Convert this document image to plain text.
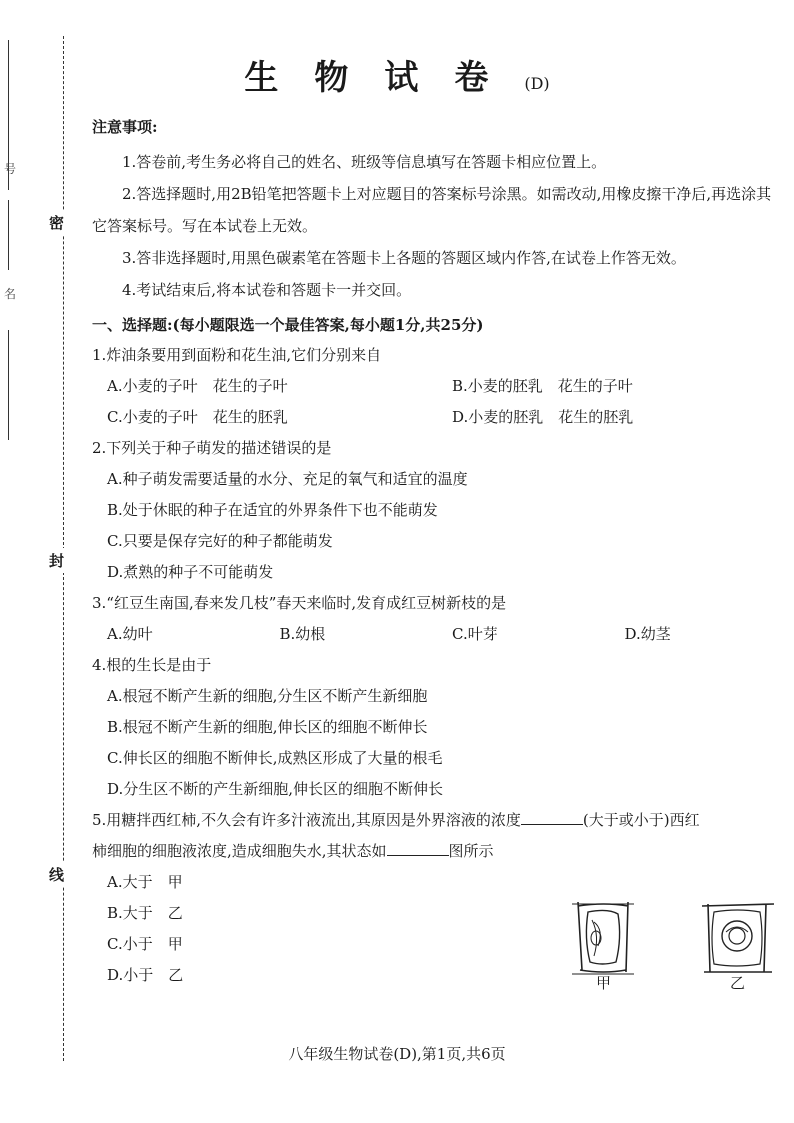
号
名
密
封
线
生物试卷(D)
注意事项:

1.答卷前,考生务必将自己的姓名、班级等信息填写在答题卡相应位置上。

2.答选择题时,用2B铅笔把答题卡上对应题目的答案标号涂黑。如需改动,用橡皮擦干净后,再选涂其它答案标号。写在本试卷上无效。

3.答非选择题时,用黑色碳素笔在答题卡上各题的答题区域内作答,在试卷上作答无效。

4.考试结束后,将本试卷和答题卡一并交回。

一、选择题:(每小题限选一个最佳答案,每小题1分,共25分)
1.炸油条要用到面粉和花生油,它们分别来自
A.小麦的子叶　花生的子叶	B.小麦的胚乳　花生的子叶
C.小麦的子叶　花生的胚乳	D.小麦的胚乳　花生的胚乳
2.下列关于种子萌发的描述错误的是
A.种子萌发需要适量的水分、充足的氧气和适宜的温度
B.处于休眠的种子在适宜的外界条件下也不能萌发
C.只要是保存完好的种子都能萌发
D.煮熟的种子不可能萌发
3.“红豆生南国,春来发几枝”春天来临时,发育成红豆树新枝的是
A.幼叶	B.幼根	C.叶芽	D.幼茎
4.根的生长是由于
A.根冠不断产生新的细胞,分生区不断产生新细胞
B.根冠不断产生新的细胞,伸长区的细胞不断伸长
C.伸长区的细胞不断伸长,成熟区形成了大量的根毛
D.分生区不断的产生新细胞,伸长区的细胞不断伸长
5.用糖拌西红柿,不久会有许多汁液流出,其原因是外界溶液的浓度	(大于或小于)西红
柿细胞的细胞液浓度,造成细胞失水,其状态如	图所示
A.大于　甲
B.大于　乙
C.小于　甲
D.小于　乙	甲	乙
八年级生物试卷(D),第1页,共6页
